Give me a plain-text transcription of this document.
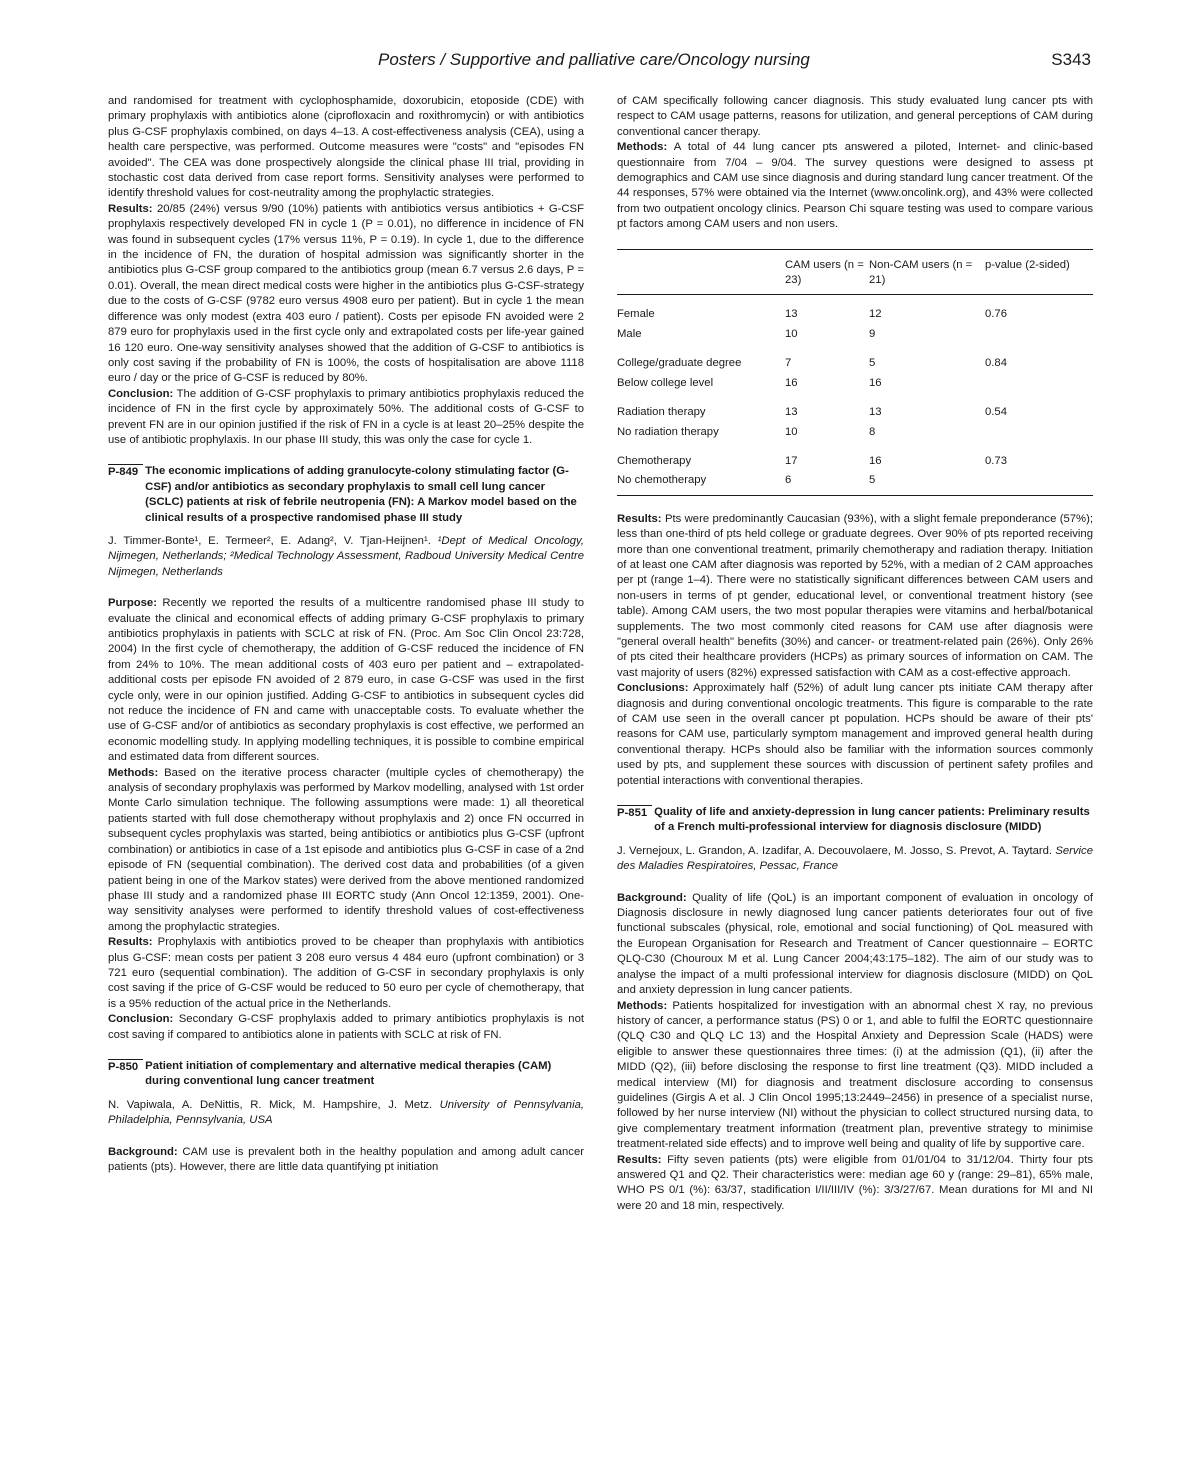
Posters / Supportive and palliative care/Oncology nursing	S343

and randomised for treatment with cyclophosphamide, doxorubicin, etoposide (CDE) with primary prophylaxis with antibiotics alone (ciprofloxacin and roxithromycin) or with antibiotics plus G-CSF prophylaxis combined, on days 4–13. A cost-effectiveness analysis (CEA), using a health care perspective, was performed. Outcome measures were "costs" and "episodes FN avoided". The CEA was done prospectively alongside the clinical phase III trial, providing in stochastic cost data derived from case report forms. Sensitivity analyses were performed to identify threshold values for cost-neutrality among the prophylactic strategies.

Results: 20/85 (24%) versus 9/90 (10%) patients with antibiotics versus antibiotics + G-CSF prophylaxis respectively developed FN in cycle 1 (P = 0.01), no difference in incidence of FN was found in subsequent cycles (17% versus 11%, P = 0.19). In cycle 1, due to the difference in the incidence of FN, the duration of hospital admission was significantly shorter in the antibiotics plus G-CSF group compared to the antibiotics group (mean 6.7 versus 2.6 days, P = 0.01). Overall, the mean direct medical costs were higher in the antibiotics plus G-CSF-strategy due to the costs of G-CSF (9782 euro versus 4908 euro per patient). But in cycle 1 the mean difference was only modest (extra 403 euro / patient). Costs per episode FN avoided were 2 879 euro for prophylaxis used in the first cycle only and extrapolated costs per life-year gained 16 120 euro. One-way sensitivity analyses showed that the addition of G-CSF to antibiotics is only cost saving if the probability of FN is 100%, the costs of hospitalisation are above 1118 euro / day or the price of G-CSF is reduced by 80%.

Conclusion: The addition of G-CSF prophylaxis to primary antibiotics prophylaxis reduced the incidence of FN in the first cycle by approximately 50%. The additional costs of G-CSF to prevent FN are in our opinion justified if the risk of FN in a cycle is at least 20–25% despite the use of antibiotic prophylaxis. In our phase III study, this was only the case for cycle 1.

P-849 The economic implications of adding granulocyte-colony stimulating factor (G-CSF) and/or antibiotics as secondary prophylaxis to small cell lung cancer (SCLC) patients at risk of febrile neutropenia (FN): A Markov model based on the clinical results of a prospective randomised phase III study

J. Timmer-Bonte¹, E. Termeer², E. Adang², V. Tjan-Heijnen¹. ¹Dept of Medical Oncology, Nijmegen, Netherlands; ²Medical Technology Assessment, Radboud University Medical Centre Nijmegen, Netherlands

Purpose: Recently we reported the results of a multicentre randomised phase III study to evaluate the clinical and economical effects of adding primary G-CSF prophylaxis to primary antibiotics prophylaxis in patients with SCLC at risk of FN. (Proc. Am Soc Clin Oncol 23:728, 2004) In the first cycle of chemotherapy, the addition of G-CSF reduced the incidence of FN from 24% to 10%. The mean additional costs of 403 euro per patient and – extrapolated- additional costs per episode FN avoided of 2 879 euro, in case G-CSF was used in the first cycle only, were in our opinion justified. Adding G-CSF to antibiotics in subsequent cycles did not reduce the incidence of FN and came with unacceptable costs. To evaluate whether the use of G-CSF and/or of antibiotics as secondary prophylaxis is cost effective, we performed an economic modelling study. In applying modelling techniques, it is possible to combine empirical and estimated data from different sources.

Methods: Based on the iterative process character (multiple cycles of chemotherapy) the analysis of secondary prophylaxis was performed by Markov modelling, analysed with 1st order Monte Carlo simulation technique. The following assumptions were made: 1) all theoretical patients started with full dose chemotherapy without prophylaxis and 2) once FN occurred in subsequent cycles prophylaxis was started, being antibiotics or antibiotics plus G-CSF (upfront combination) or antibiotics in case of a 1st episode and antibiotics plus G-CSF in case of a 2nd episode of FN (sequential combination). The derived cost data and probabilities (of a given patient being in one of the Markov states) were derived from the above mentioned randomized phase III study and a randomized phase III EORTC study (Ann Oncol 12:1359, 2001). One-way sensitivity analyses were performed to identify threshold values of cost-effectiveness among the prophylactic strategies.

Results: Prophylaxis with antibiotics proved to be cheaper than prophylaxis with antibiotics plus G-CSF: mean costs per patient 3 208 euro versus 4 484 euro (upfront combination) or 3 721 euro (sequential combination). The addition of G-CSF in secondary prophylaxis is only cost saving if the price of G-CSF would be reduced to 50 euro per cycle of chemotherapy, that is a 95% reduction of the actual price in the Netherlands.

Conclusion: Secondary G-CSF prophylaxis added to primary antibiotics prophylaxis is not cost saving if compared to antibiotics alone in patients with SCLC at risk of FN.

P-850 Patient initiation of complementary and alternative medical therapies (CAM) during conventional lung cancer treatment

N. Vapiwala, A. DeNittis, R. Mick, M. Hampshire, J. Metz. University of Pennsylvania, Philadelphia, Pennsylvania, USA

Background: CAM use is prevalent both in the healthy population and among adult cancer patients (pts). However, there are little data quantifying pt initiation

of CAM specifically following cancer diagnosis. This study evaluated lung cancer pts with respect to CAM usage patterns, reasons for utilization, and general perceptions of CAM during conventional cancer therapy.

Methods: A total of 44 lung cancer pts answered a piloted, Internet- and clinic-based questionnaire from 7/04 – 9/04. The survey questions were designed to assess pt demographics and CAM use since diagnosis and during standard lung cancer treatment. Of the 44 responses, 57% were obtained via the Internet (www.oncolink.org), and 43% were collected from two outpatient oncology clinics. Pearson Chi square testing was used to compare various pt factors among CAM users and non users.

	CAM users (n = 23)	Non-CAM users (n = 21)	p-value (2-sided)

Female	13	12	0.76
Male	10	9	

College/graduate degree	7	5	0.84
Below college level	16	16	

Radiation therapy	13	13	0.54
No radiation therapy	10	8	

Chemotherapy	17	16	0.73
No chemotherapy	6	5	

Results: Pts were predominantly Caucasian (93%), with a slight female preponderance (57%); less than one-third of pts held college or graduate degrees. Over 90% of pts reported receiving more than one conventional treatment, primarily chemotherapy and radiation therapy. Initiation of at least one CAM after diagnosis was reported by 52%, with a median of 2 CAM approaches per pt (range 1–4). There were no statistically significant differences between CAM users and non-users in terms of pt gender, educational level, or conventional treatment history (see table). Among CAM users, the two most popular therapies were vitamins and herbal/botanical supplements. The two most commonly cited reasons for CAM use after diagnosis were "general overall health" benefits (30%) and cancer- or treatment-related pain (26%). Only 26% of pts cited their healthcare providers (HCPs) as primary sources of information on CAM. The vast majority of users (82%) expressed satisfaction with CAM as a cost-effective approach.

Conclusions: Approximately half (52%) of adult lung cancer pts initiate CAM therapy after diagnosis and during conventional oncologic treatments. This figure is comparable to the rate of CAM use seen in the overall cancer pt population. HCPs should be aware of their pts' reasons for CAM use, particularly symptom management and improved general health during conventional therapy. HCPs should also be familiar with the information sources commonly used by pts, and supplement these sources with discussion of pertinent safety profiles and potential interactions with conventional therapies.

P-851 Quality of life and anxiety-depression in lung cancer patients: Preliminary results of a French multi-professional interview for diagnosis disclosure (MIDD)

J. Vernejoux, L. Grandon, A. Izadifar, A. Decouvolaere, M. Josso, S. Prevot, A. Taytard. Service des Maladies Respiratoires, Pessac, France

Background: Quality of life (QoL) is an important component of evaluation in oncology of Diagnosis disclosure in newly diagnosed lung cancer patients deteriorates four out of five functional subscales (physical, role, emotional and social functioning) of QoL measured with the European Organisation for Research and Treatment of Cancer questionnaire – EORTC QLQ-C30 (Chouroux M et al. Lung Cancer 2004;43:175–182). The aim of our study was to analyse the impact of a multi professional interview for diagnosis disclosure (MIDD) on QoL and anxiety depression in lung cancer patients.

Methods: Patients hospitalized for investigation with an abnormal chest X ray, no previous history of cancer, a performance status (PS) 0 or 1, and able to fulfil the EORTC questionnaire (QLQ C30 and QLQ LC 13) and the Hospital Anxiety and Depression Scale (HADS) were eligible to answer these questionnaires three times: (i) at the admission (Q1), (ii) after the MIDD (Q2), (iii) before disclosing the response to first line treatment (Q3). MIDD included a medical interview (MI) for diagnosis and treatment disclosure according to consensus guidelines (Girgis A et al. J Clin Oncol 1995;13:2449–2456) in presence of a specialist nurse, followed by her nurse interview (NI) without the physician to collect structured nursing data, to give complementary treatment information (treatment plan, preventive strategy to minimise treatment-related side effects) and to improve well being and quality of life by supportive care.

Results: Fifty seven patients (pts) were eligible from 01/01/04 to 31/12/04. Thirty four pts answered Q1 and Q2. Their characteristics were: median age 60 y (range: 29–81), 65% male, WHO PS 0/1 (%): 63/37, stadification I/II/III/IV (%): 3/3/27/67. Mean durations for MI and NI were 20 and 18 min, respectively.
